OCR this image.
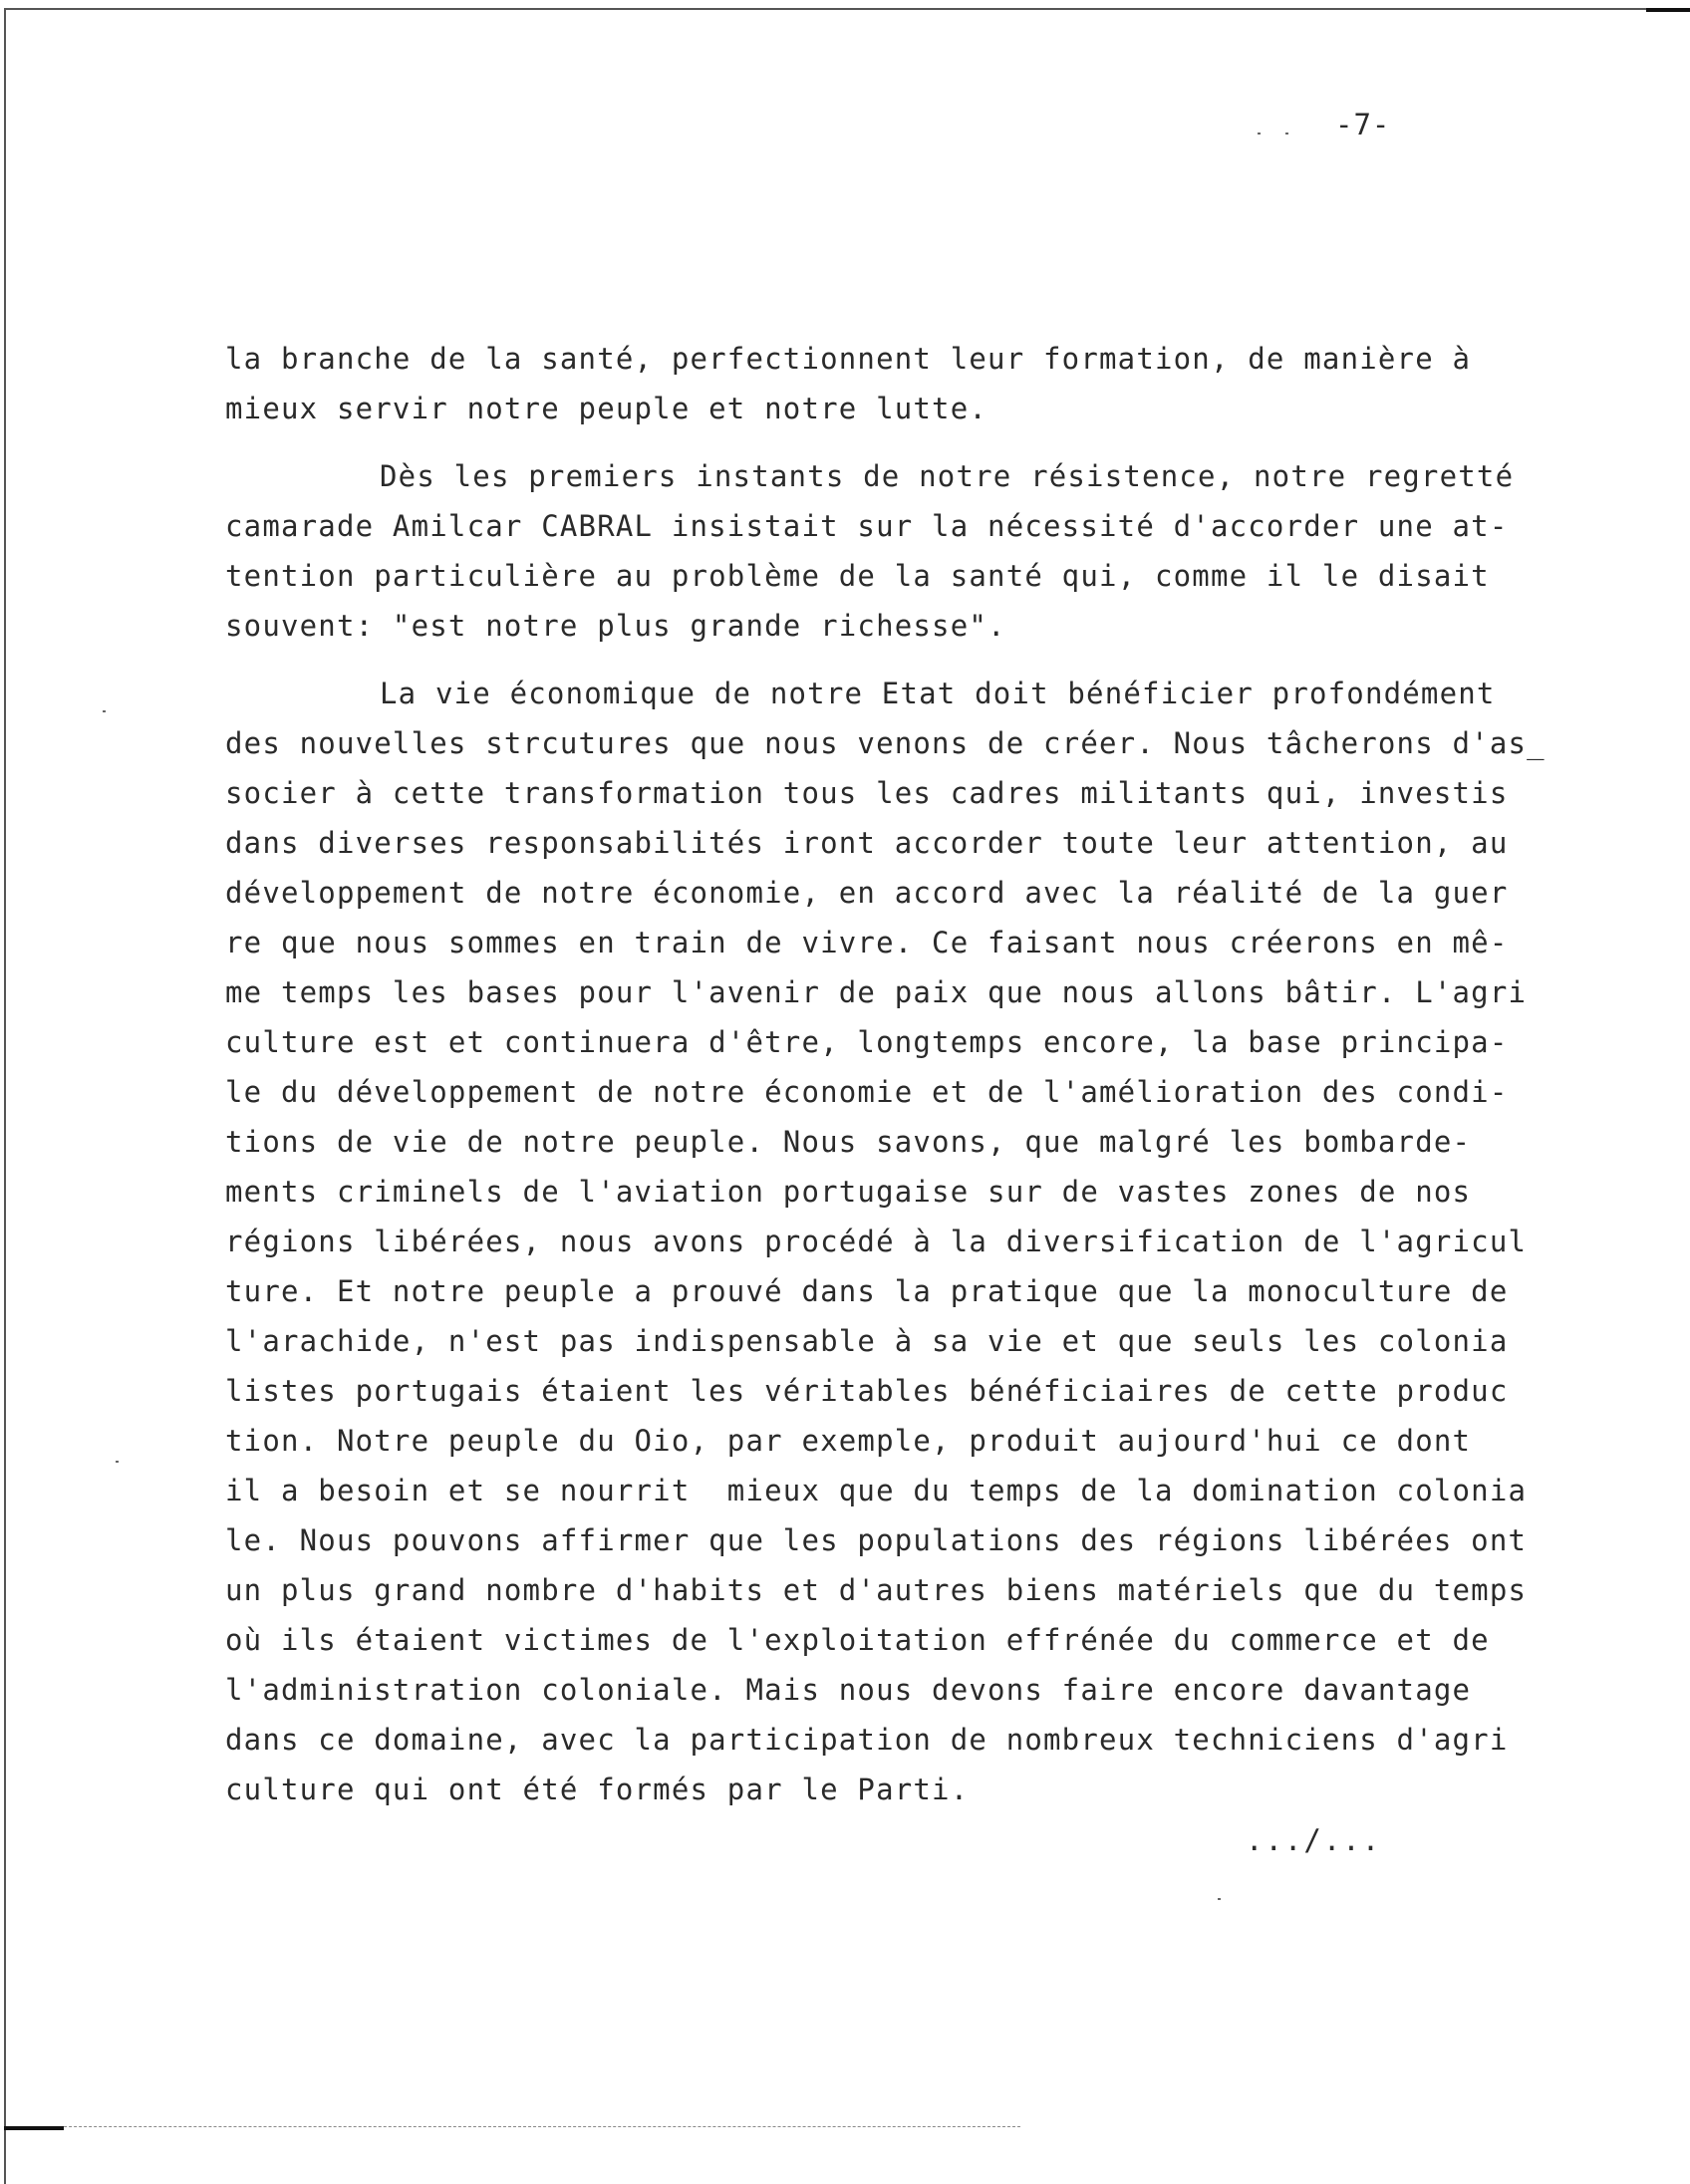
-7-
la branche de la santé, perfectionnent leur formation, de manière à
mieux servir notre peuple et notre lutte.
Dès les premiers instants de notre résistence, notre regretté
camarade Amilcar CABRAL insistait sur la nécessité d'accorder une at-
tention particulière au problème de la santé qui, comme il le disait
souvent: "est notre plus grande richesse".
La vie économique de notre Etat doit bénéficier profondément
des nouvelles strcutures que nous venons de créer. Nous tâcherons d'as_
socier à cette transformation tous les cadres militants qui, investis
dans diverses responsabilités iront accorder toute leur attention, au
développement de notre économie, en accord avec la réalité de la guer
re que nous sommes en train de vivre. Ce faisant nous créerons en mê-
me temps les bases pour l'avenir de paix que nous allons bâtir. L'agri
culture est et continuera d'être, longtemps encore, la base principa-
le du développement de notre économie et de l'amélioration des condi-
tions de vie de notre peuple. Nous savons, que malgré les bombarde-
ments criminels de l'aviation portugaise sur de vastes zones de nos
régions libérées, nous avons procédé à la diversification de l'agricul
ture. Et notre peuple a prouvé dans la pratique que la monoculture de
l'arachide, n'est pas indispensable à sa vie et que seuls les colonia
listes portugais étaient les véritables bénéficiaires de cette produc
tion. Notre peuple du Oio, par exemple, produit aujourd'hui ce dont
il a besoin et se nourrit  mieux que du temps de la domination colonia
le. Nous pouvons affirmer que les populations des régions libérées ont
un plus grand nombre d'habits et d'autres biens matériels que du temps
où ils étaient victimes de l'exploitation effrénée du commerce et de
l'administration coloniale. Mais nous devons faire encore davantage
dans ce domaine, avec la participation de nombreux techniciens d'agri
culture qui ont été formés par le Parti.
.../...
